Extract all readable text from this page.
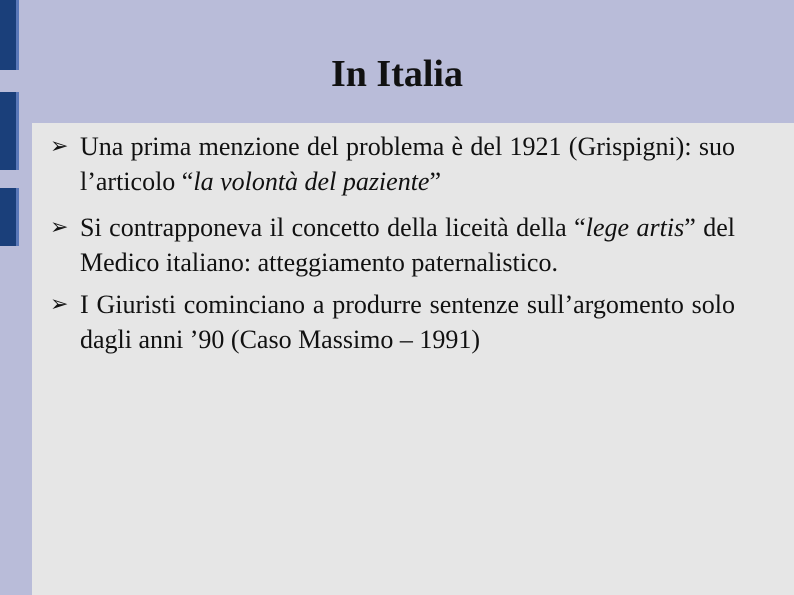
In Italia
➢ Una prima menzione del problema è del 1921 (Grispigni): suo l’articolo “la volontà del paziente”
➢ Si contrapponeva il concetto della liceità della “lege artis” del Medico italiano: atteggiamento paternalistico.
➢ I Giuristi cominciano a produrre sentenze sull’argomento solo dagli anni ’90 (Caso Massimo – 1991)
